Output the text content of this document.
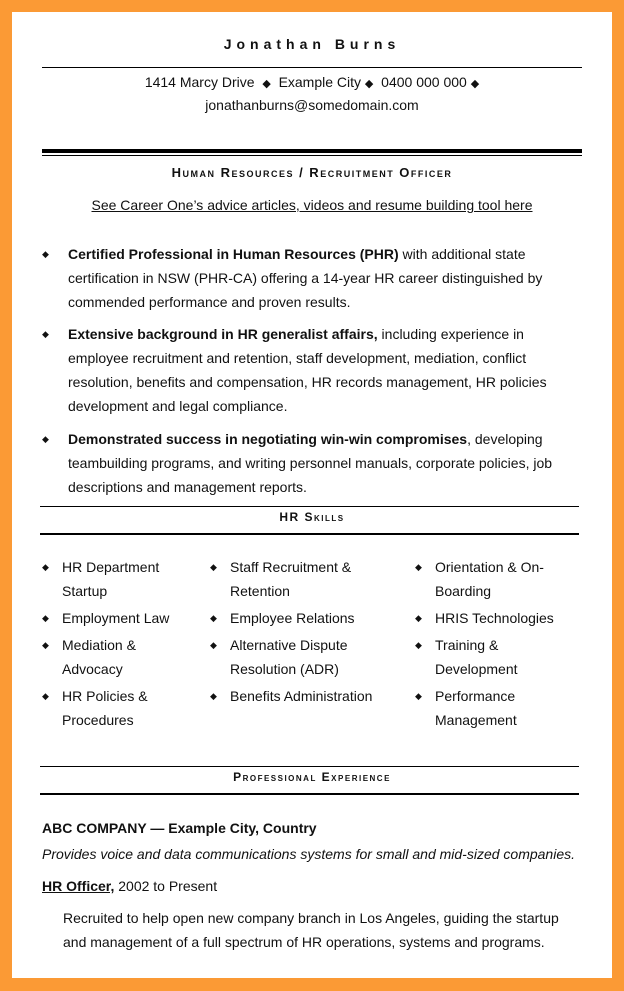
Jonathan Burns
1414 Marcy Drive ◆ Example City ◆ 0400 000 000 ◆
jonathanburns@somedomain.com
Human Resources / Recruitment Officer
See Career One’s advice articles, videos and resume building tool here
◆ Certified Professional in Human Resources (PHR) with additional state certification in NSW (PHR-CA) offering a 14-year HR career distinguished by commended performance and proven results.
◆ Extensive background in HR generalist affairs, including experience in employee recruitment and retention, staff development, mediation, conflict resolution, benefits and compensation, HR records management, HR policies development and legal compliance.
◆ Demonstrated success in negotiating win-win compromises, developing teambuilding programs, and writing personnel manuals, corporate policies, job descriptions and management reports.
HR Skills
◆ HR Department Startup
◆ Employment Law
◆ Mediation & Advocacy
◆ HR Policies & Procedures
◆ Staff Recruitment & Retention
◆ Employee Relations
◆ Alternative Dispute Resolution (ADR)
◆ Benefits Administration
◆ Orientation & On-Boarding
◆ HRIS Technologies
◆ Training & Development
◆ Performance Management
Professional Experience
ABC COMPANY — Example City, Country
Provides voice and data communications systems for small and mid-sized companies.
HR Officer, 2002 to Present
Recruited to help open new company branch in Los Angeles, guiding the startup and management of a full spectrum of HR operations, systems and programs.
